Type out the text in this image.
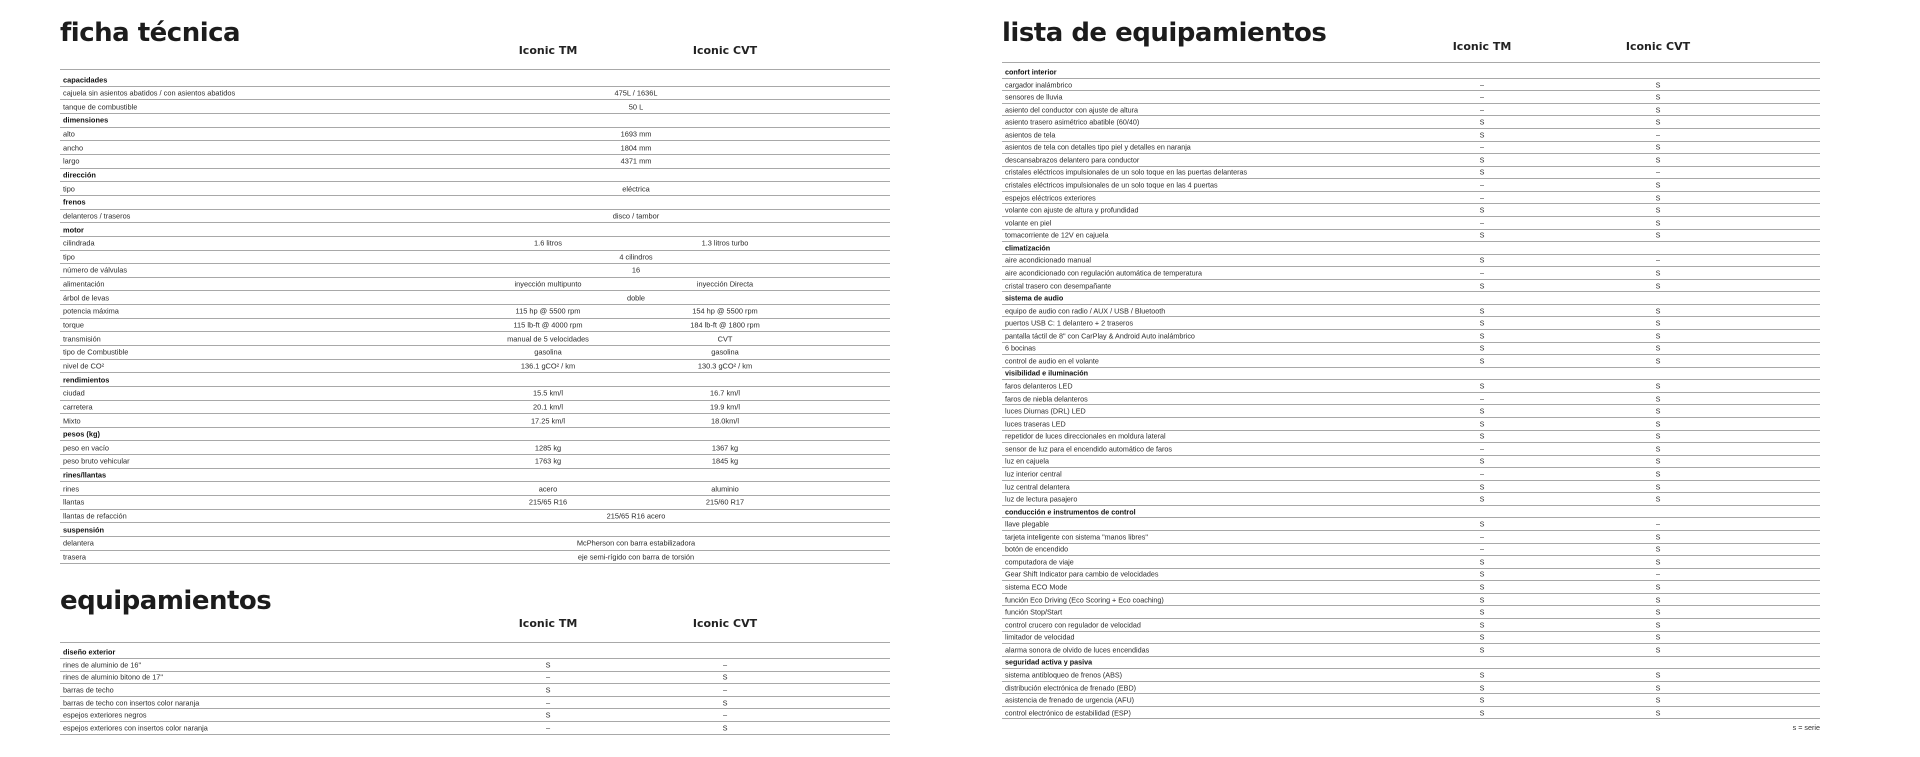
ficha técnica
Iconic TM	Iconic CVT
capacidades
cajuela sin asientos abatidos / con asientos abatidos	475L / 1636L
tanque de combustible	50 L
dimensiones
alto	1693 mm
ancho	1804 mm
largo	4371 mm
dirección
tipo	eléctrica
frenos
delanteros / traseros	disco / tambor
motor
cilindrada	1.6 litros	1.3 litros turbo
tipo	4 cilindros
número de válvulas	16
alimentación	inyección multipunto	inyección Directa
árbol de levas	doble
potencia máxima	115 hp @ 5500 rpm	154 hp @ 5500 rpm
torque	115 lb-ft @ 4000 rpm	184 lb-ft @ 1800 rpm
transmisión	manual de 5 velocidades	CVT
tipo de Combustible	gasolina	gasolina
nivel de CO²	136.1 gCO² / km	130.3 gCO² / km
rendimientos
ciudad	15.5 km/l	16.7 km/l
carretera	20.1 km/l	19.9 km/l
Mixto	17.25 km/l	18.0km/l
pesos (kg)
peso en vacío	1285 kg	1367 kg
peso bruto vehicular	1763 kg	1845 kg
rines/llantas
rines	acero	aluminio
llantas	215/65 R16	215/60 R17
llantas de refacción	215/65 R16 acero
suspensión
delantera	McPherson con barra estabilizadora
trasera	eje semi-rígido con barra de torsión
equipamientos
Iconic TM	Iconic CVT
diseño exterior
rines de aluminio de 16"	S	–
rines de aluminio bitono de 17"	–	S
barras de techo	S	–
barras de techo con insertos color naranja	–	S
espejos exteriores negros	S	–
espejos exteriores con insertos color naranja	–	S
lista de equipamientos	Iconic TM	Iconic CVT
confort interior
cargador inalámbrico	–	S
sensores de lluvia	–	S
asiento del conductor con ajuste de altura	–	S
asiento trasero asimétrico abatible (60/40)	S	S
asientos de tela	S	–
asientos de tela con detalles tipo piel y detalles en naranja	–	S
descansabrazos delantero para conductor	S	S
cristales eléctricos impulsionales de un solo toque en las puertas delanteras	S	–
cristales eléctricos impulsionales de un solo toque en las 4 puertas	–	S
espejos eléctricos exteriores	–	S
volante con ajuste de altura y profundidad	S	S
volante en piel	–	S
tomacorriente de 12V en cajuela	S	S
climatización
aire acondicionado manual	S	–
aire acondicionado con regulación automática de temperatura	–	S
cristal trasero con desempañante	S	S
sistema de audio
equipo de audio con radio / AUX / USB / Bluetooth	S	S
puertos USB C: 1 delantero + 2 traseros	S	S
pantalla táctil de 8" con CarPlay & Android Auto inalámbrico	S	S
6 bocinas	S	S
control de audio en el volante	S	S
visibilidad e iluminación
faros delanteros LED	S	S
faros de niebla delanteros	–	S
luces Diurnas (DRL) LED	S	S
luces traseras LED	S	S
repetidor de luces direccionales en moldura lateral	S	S
sensor de luz para el encendido automático de faros	–	S
luz en cajuela	S	S
luz interior central	–	S
luz central delantera	S	S
luz de lectura pasajero	S	S
conducción e instrumentos de control
llave plegable	S	–
tarjeta inteligente con sistema "manos libres"	–	S
botón de encendido	–	S
computadora de viaje	S	S
Gear Shift Indicator para cambio de velocidades	S	–
sistema ECO Mode	S	S
función Eco Driving (Eco Scoring + Eco coaching)	S	S
función Stop/Start	S	S
control crucero con regulador de velocidad	S	S
limitador de velocidad	S	S
alarma sonora de olvido de luces encendidas	S	S
seguridad activa y pasiva
sistema antibloqueo de frenos (ABS)	S	S
distribución electrónica de frenado (EBD)	S	S
asistencia de frenado de urgencia (AFU)	S	S
control electrónico de estabilidad (ESP)	S	S
s = serie
